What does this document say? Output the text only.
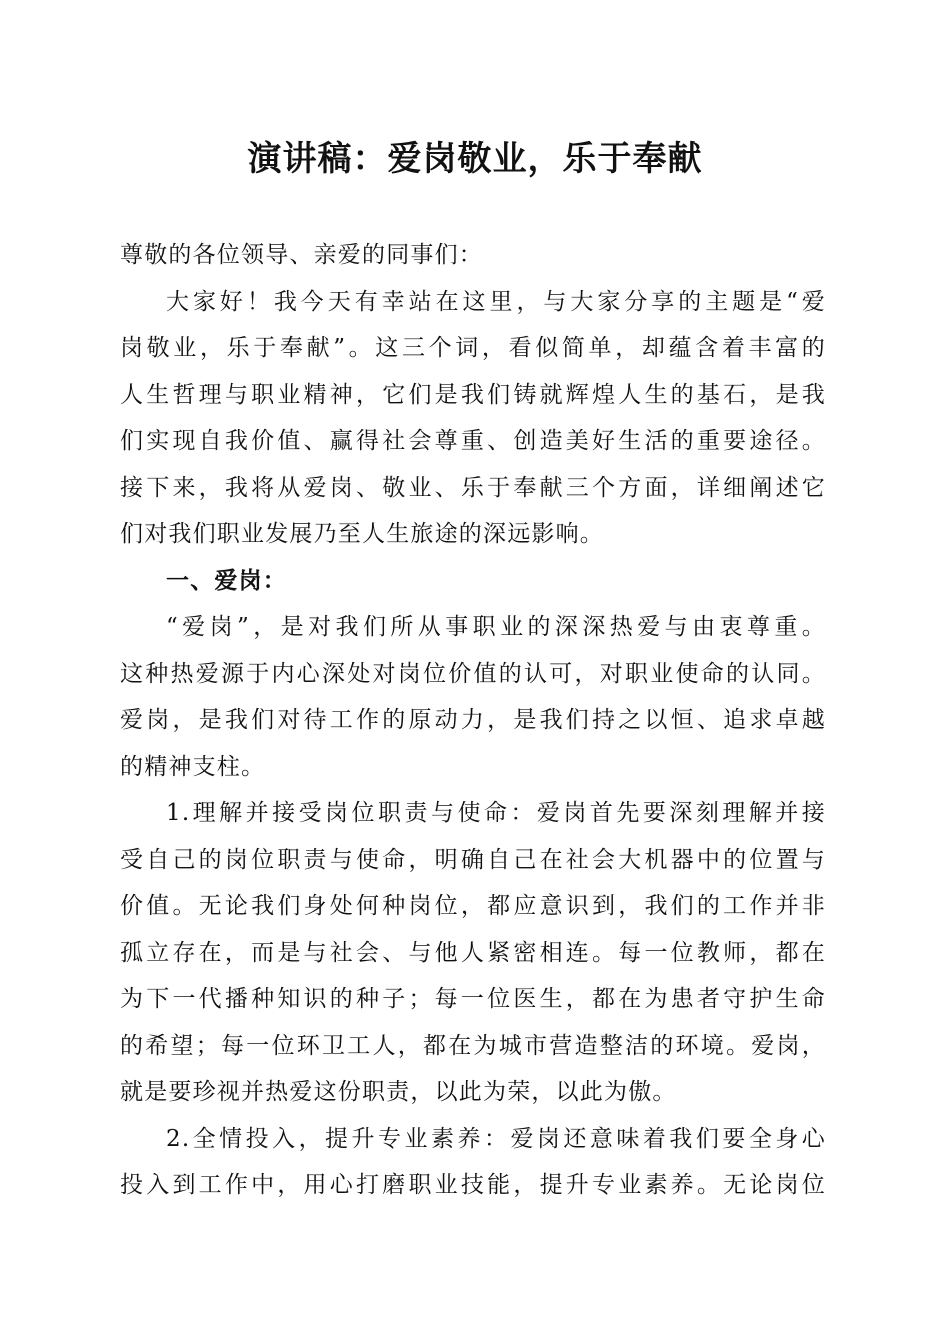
演讲稿：爱岗敬业，乐于奉献
尊敬的各位领导、亲爱的同事们：
大家好！我今天有幸站在这里，与大家分享的主题是“爱
岗敬业，乐于奉献”。这三个词，看似简单，却蕴含着丰富的
人生哲理与职业精神，它们是我们铸就辉煌人生的基石，是我
们实现自我价值、赢得社会尊重、创造美好生活的重要途径。
接下来，我将从爱岗、敬业、乐于奉献三个方面，详细阐述它
们对我们职业发展乃至人生旅途的深远影响。
一、爱岗：
“爱岗”，是对我们所从事职业的深深热爱与由衷尊重。
这种热爱源于内心深处对岗位价值的认可，对职业使命的认同。
爱岗，是我们对待工作的原动力，是我们持之以恒、追求卓越
的精神支柱。
1.理解并接受岗位职责与使命：爱岗首先要深刻理解并接
受自己的岗位职责与使命，明确自己在社会大机器中的位置与
价值。无论我们身处何种岗位，都应意识到，我们的工作并非
孤立存在，而是与社会、与他人紧密相连。每一位教师，都在
为下一代播种知识的种子；每一位医生，都在为患者守护生命
的希望；每一位环卫工人，都在为城市营造整洁的环境。爱岗，
就是要珍视并热爱这份职责，以此为荣，以此为傲。
2.全情投入，提升专业素养：爱岗还意味着我们要全身心
投入到工作中，用心打磨职业技能，提升专业素养。无论岗位
